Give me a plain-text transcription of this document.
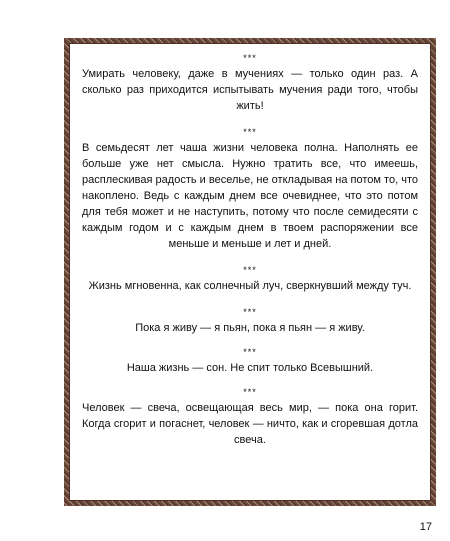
***
Умирать человеку, даже в мучениях — только один раз. А сколько раз приходится испытывать мучения ради того, чтобы жить!
***
В семьдесят лет чаша жизни человека полна. Наполнять ее больше уже нет смысла. Нужно тратить все, что имеешь, расплескивая радость и веселье, не откладывая на потом то, что накоплено. Ведь с каждым днем все очевиднее, что это потом для тебя может и не наступить, потому что после семидесяти с каждым годом и с каждым днем в твоем распоряжении все меньше и меньше и лет и дней.
***
Жизнь мгновенна, как солнечный луч, сверкнувший между туч.
***
Пока я живу — я пьян, пока я пьян — я живу.
***
Наша жизнь — сон. Не спит только Всевышний.
***
Человек — свеча, освещающая весь мир, — пока она горит. Когда сгорит и погаснет, человек — ничто, как и сгоревшая дотла свеча.
17
